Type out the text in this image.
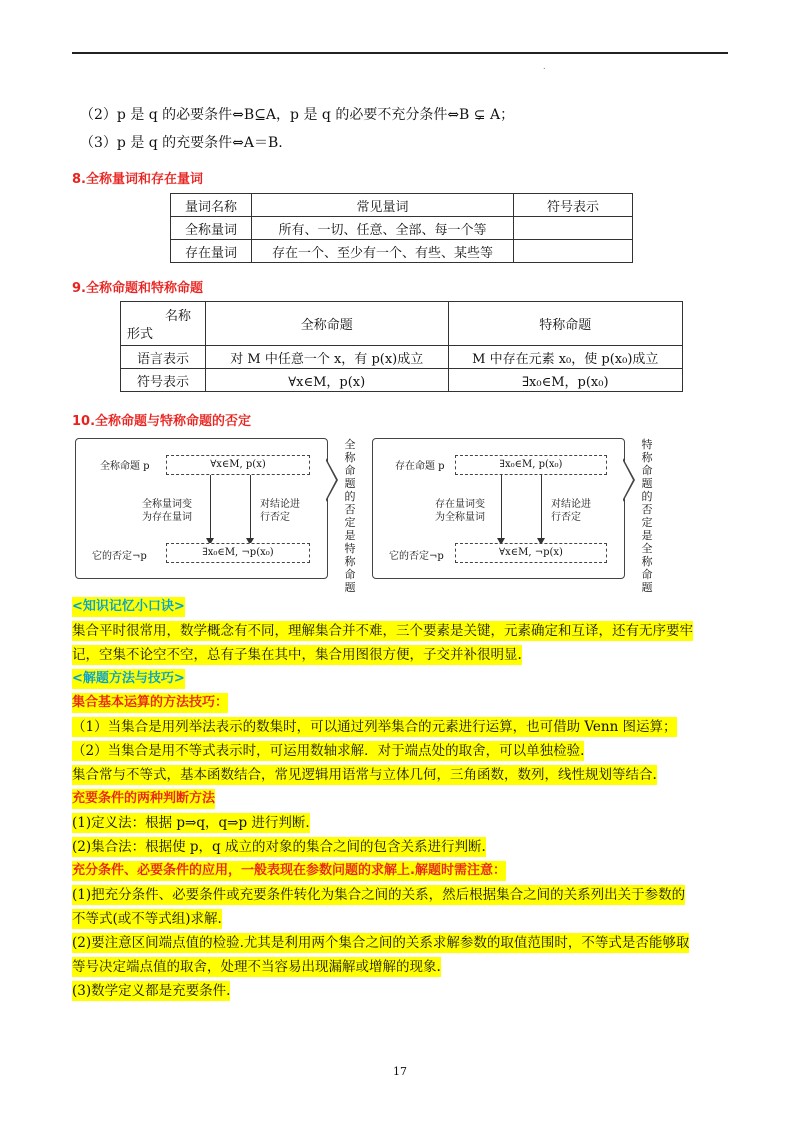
.
（2）p 是 q 的必要条件⇔B⊆A，p 是 q 的必要不充分条件⇔B ⊊ A；
（3）p 是 q 的充要条件⇔A＝B.
8.全称量词和存在量词
量词名称	常见量词	符号表示
全称量词	所有、一切、任意、全部、每一个等	
存在量词	存在一个、至少有一个、有些、某些等	
9.全称命题和特称命题
名称
形式	全称命题	特称命题
语言表示	对 M 中任意一个 x，有 p(x)成立	M 中存在元素 x₀，使 p(x₀)成立
符号表示	∀x∈M，p(x)	∃x₀∈M，p(x₀)
10.全称命题与特称命题的否定
全称命题 p	∀x∈M, p(x)
全称量词变
为存在量词
对结论进
行否定
它的否定¬p	∃x₀∈M, ¬p(x₀)
全称命题的否定是特称命题
存在命题 p	∃x₀∈M, p(x₀)
存在量词变
为全称量词
对结论进
行否定
它的否定¬p	∀x∈M, ¬p(x)
特称命题的否定是全称命题
<知识记忆小口诀>
集合平时很常用，数学概念有不同，理解集合并不难，三个要素是关键，元素确定和互译，还有无序要牢
记，空集不论空不空，总有子集在其中，集合用图很方便，子交并补很明显.
<解题方法与技巧>
集合基本运算的方法技巧：
（1）当集合是用列举法表示的数集时，可以通过列举集合的元素进行运算，也可借助 Venn 图运算；
（2）当集合是用不等式表示时，可运用数轴求解．对于端点处的取舍，可以单独检验.
集合常与不等式，基本函数结合，常见逻辑用语常与立体几何，三角函数，数列，线性规划等结合.
充要条件的两种判断方法
(1)定义法：根据 p⇒q，q⇒p 进行判断.
(2)集合法：根据使 p，q 成立的对象的集合之间的包含关系进行判断.
充分条件、必要条件的应用，一般表现在参数问题的求解上.解题时需注意：
(1)把充分条件、必要条件或充要条件转化为集合之间的关系，然后根据集合之间的关系列出关于参数的
不等式(或不等式组)求解.
(2)要注意区间端点值的检验.尤其是利用两个集合之间的关系求解参数的取值范围时，不等式是否能够取
等号决定端点值的取舍，处理不当容易出现漏解或增解的现象.
(3)数学定义都是充要条件.
17
